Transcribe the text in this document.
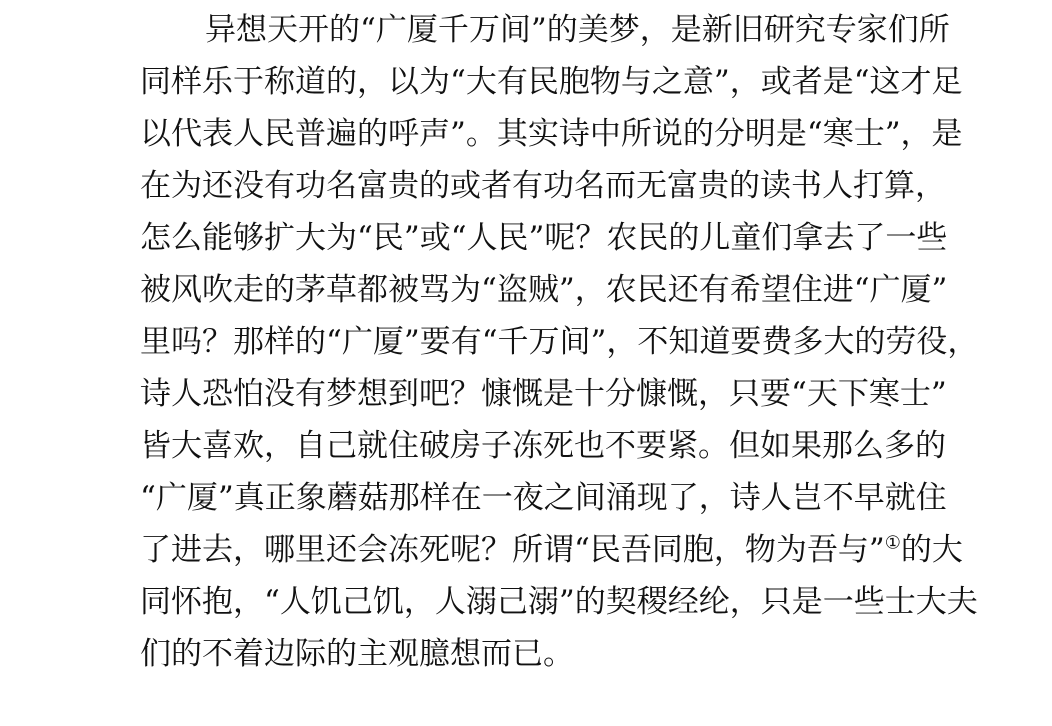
异想天开的“广厦千万间”的美梦，是新旧研究专家们所
同样乐于称道的，以为“大有民胞物与之意”，或者是“这才足
以代表人民普遍的呼声”。其实诗中所说的分明是“寒士”，是
在为还没有功名富贵的或者有功名而无富贵的读书人打算，
怎么能够扩大为“民”或“人民”呢？农民的儿童们拿去了一些
被风吹走的茅草都被骂为“盗贼”，农民还有希望住进“广厦”
里吗？那样的“广厦”要有“千万间”，不知道要费多大的劳役，
诗人恐怕没有梦想到吧？慷慨是十分慷慨，只要“天下寒士”
皆大喜欢，自己就住破房子冻死也不要紧。但如果那么多的
“广厦”真正象蘑菇那样在一夜之间涌现了，诗人岂不早就住
了进去，哪里还会冻死呢？所谓“民吾同胞，物为吾与”①的大
同怀抱，“人饥己饥，人溺己溺”的契稷经纶，只是一些士大夫
们的不着边际的主观臆想而已。
